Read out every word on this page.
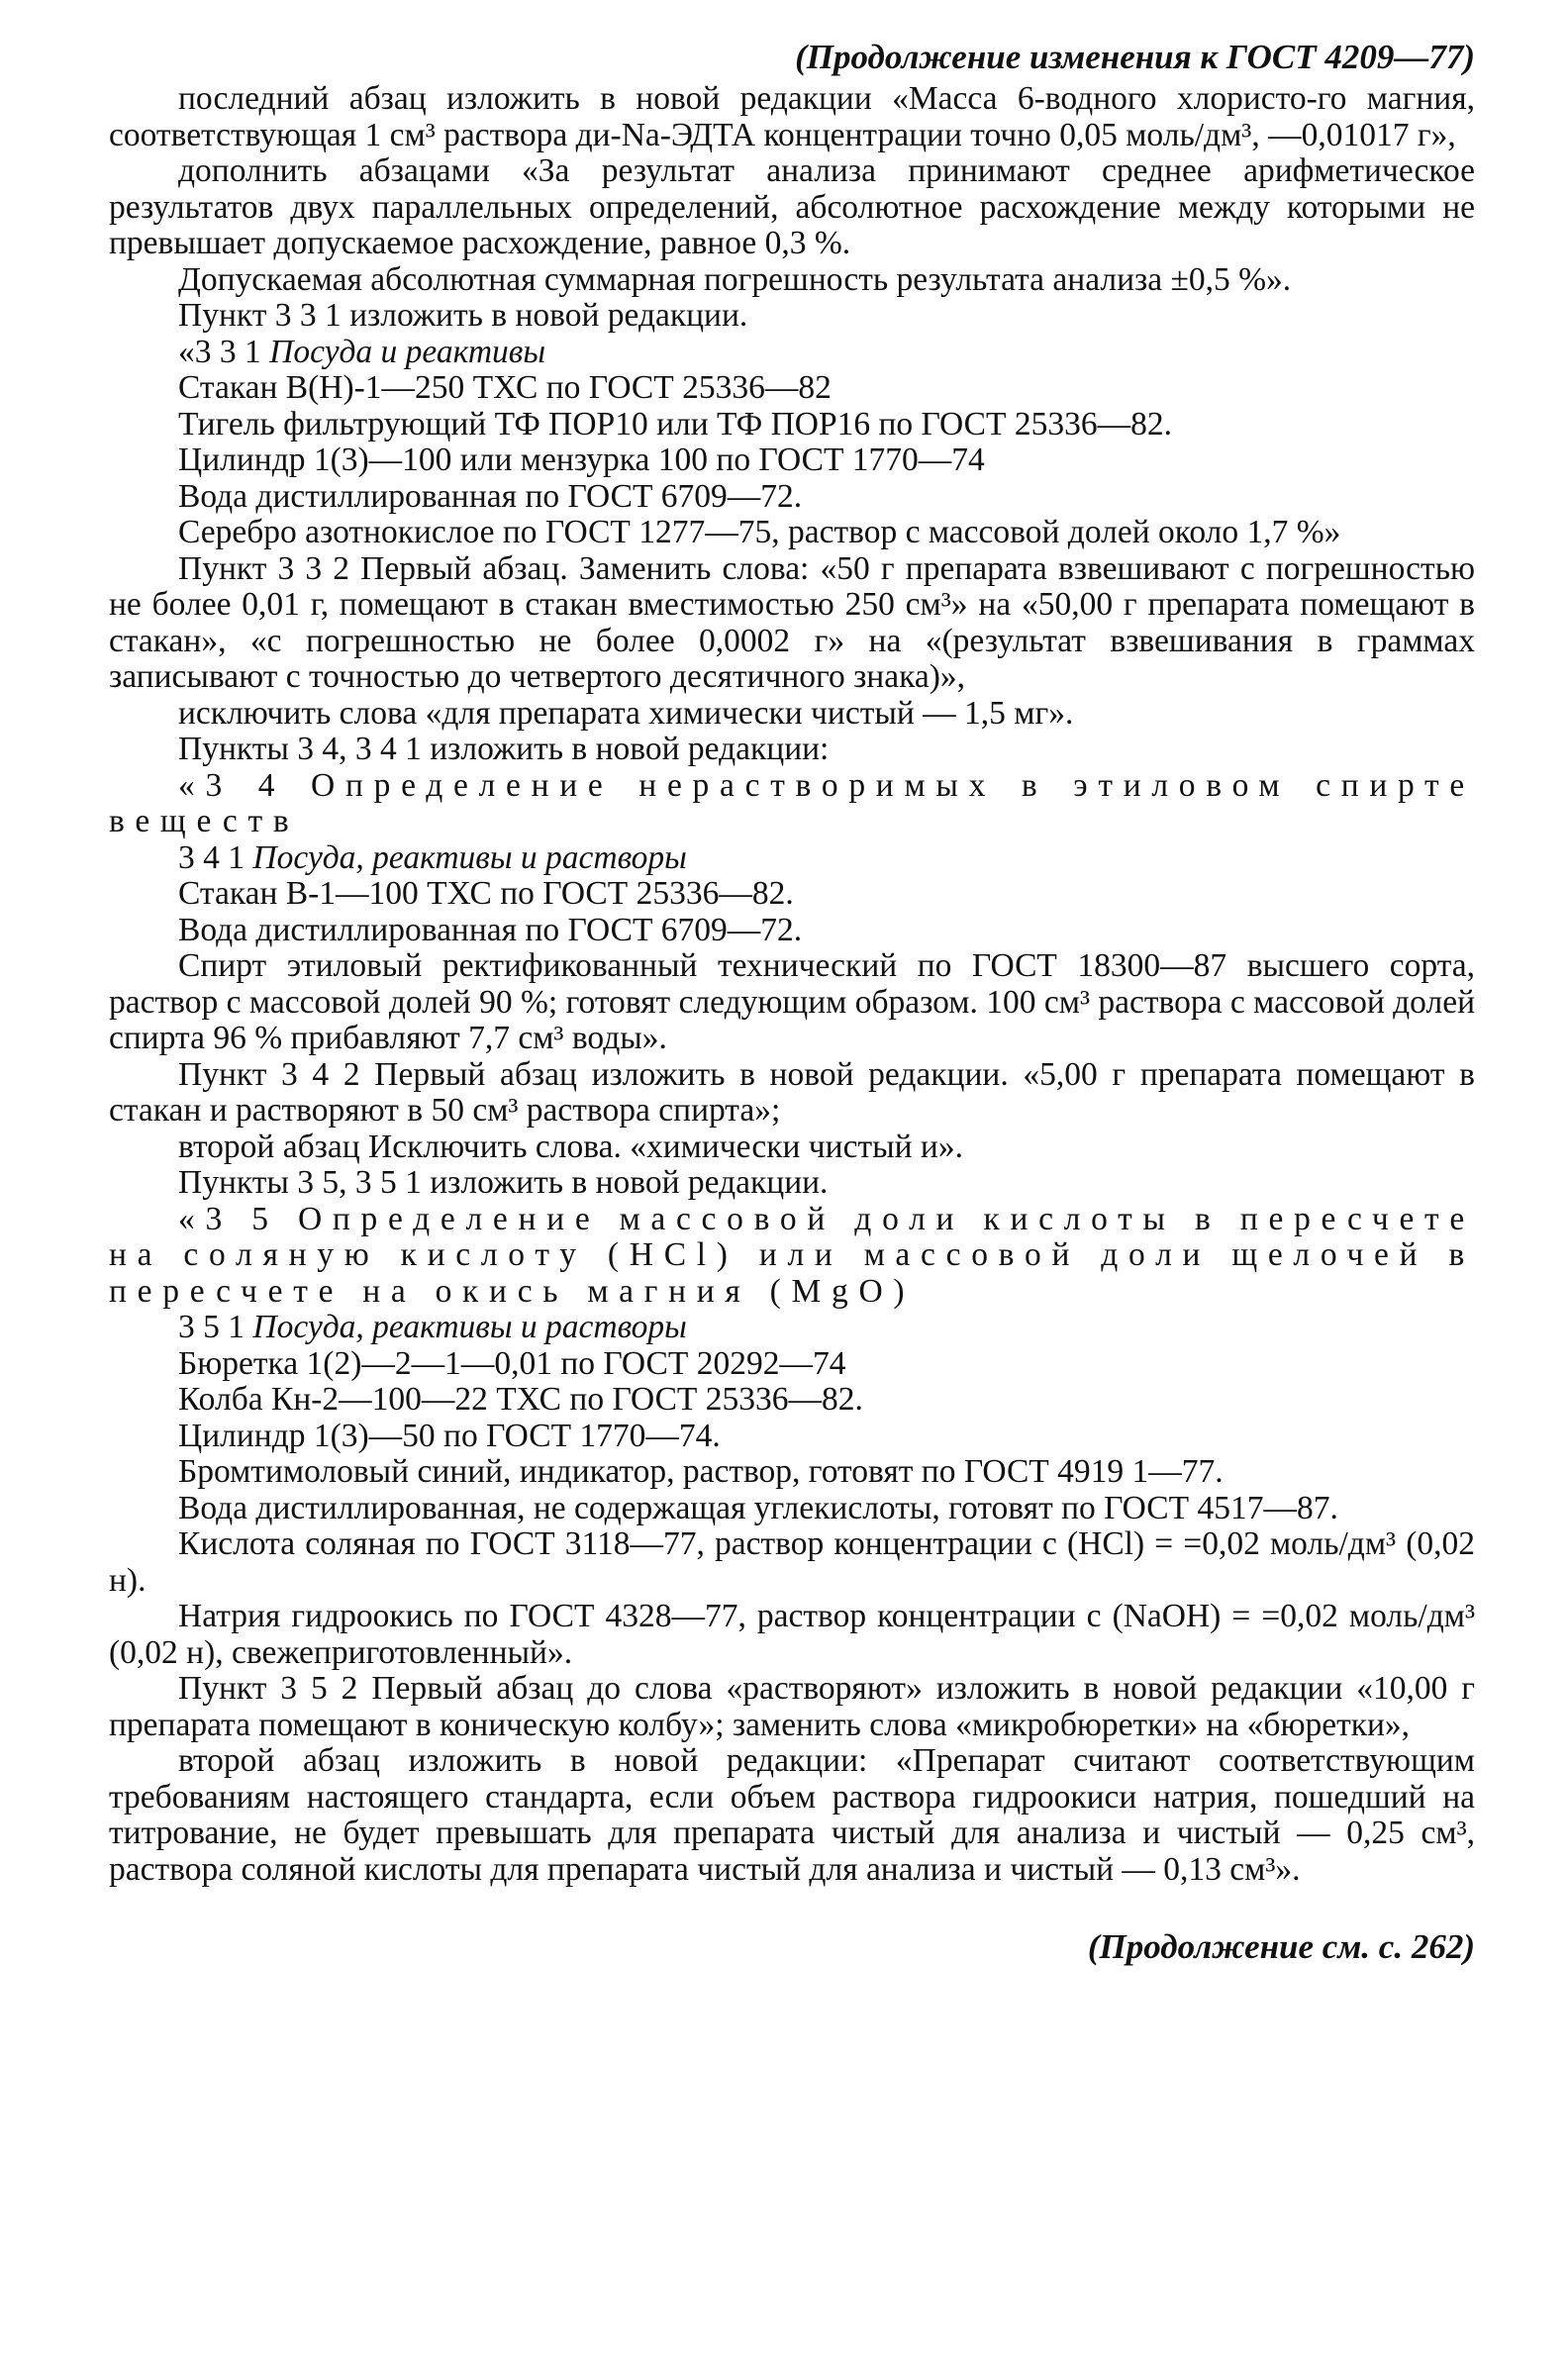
(Продолжение изменения к ГОСТ 4209—77)

последний абзац изложить в новой редакции «Масса 6-водного хлористо-го магния, соответствующая 1 см³ раствора ди-Na-ЭДТА концентрации точно 0,05 моль/дм³, —0,01017 г»,

дополнить абзацами «За результат анализа принимают среднее арифметическое результатов двух параллельных определений, абсолютное расхождение между которыми не превышает допускаемое расхождение, равное 0,3 %.

Допускаемая абсолютная суммарная погрешность результата анализа ±0,5 %».

Пункт 3 3 1 изложить в новой редакции.

«3 3 1 Посуда и реактивы

Стакан В(Н)-1—250 ТХС по ГОСТ 25336—82

Тигель фильтрующий ТФ ПОР10 или ТФ ПОР16 по ГОСТ 25336—82.

Цилиндр 1(3)—100 или мензурка 100 по ГОСТ 1770—74

Вода дистиллированная по ГОСТ 6709—72.

Серебро азотнокислое по ГОСТ 1277—75, раствор с массовой долей около 1,7 %»

Пункт 3 3 2 Первый абзац. Заменить слова: «50 г препарата взвешивают с погрешностью не более 0,01 г, помещают в стакан вместимостью 250 см³» на «50,00 г препарата помещают в стакан», «с погрешностью не более 0,0002 г» на «(результат взвешивания в граммах записывают с точностью до четвертого десятичного знака)»,

исключить слова «для препарата химически чистый — 1,5 мг».

Пункты 3 4, 3 4 1 изложить в новой редакции:

«3 4 Определение нерастворимых в этиловом спирте веществ

3 4 1 Посуда, реактивы и растворы

Стакан В-1—100 ТХС по ГОСТ 25336—82.

Вода дистиллированная по ГОСТ 6709—72.

Спирт этиловый ректификованный технический по ГОСТ 18300—87 высшего сорта, раствор с массовой долей 90 %; готовят следующим образом. 100 см³ раствора с массовой долей спирта 96 % прибавляют 7,7 см³ воды».

Пункт 3 4 2 Первый абзац изложить в новой редакции. «5,00 г препарата помещают в стакан и растворяют в 50 см³ раствора спирта»;

второй абзац Исключить слова. «химически чистый и».

Пункты 3 5, 3 5 1 изложить в новой редакции.

«3 5 Определение массовой доли кислоты в пересчете на соляную кислоту (HCl) или массовой доли щелочей в пересчете на окись магния (MgO)

3 5 1 Посуда, реактивы и растворы

Бюретка 1(2)—2—1—0,01 по ГОСТ 20292—74

Колба Кн-2—100—22 ТХС по ГОСТ 25336—82.

Цилиндр 1(3)—50 по ГОСТ 1770—74.

Бромтимоловый синий, индикатор, раствор, готовят по ГОСТ 4919 1—77.

Вода дистиллированная, не содержащая углекислоты, готовят по ГОСТ 4517—87.

Кислота соляная по ГОСТ 3118—77, раствор концентрации с (HCl) = =0,02 моль/дм³ (0,02 н).

Натрия гидроокись по ГОСТ 4328—77, раствор концентрации с (NaOH) = =0,02 моль/дм³ (0,02 н), свежеприготовленный».

Пункт 3 5 2 Первый абзац до слова «растворяют» изложить в новой редакции «10,00 г препарата помещают в коническую колбу»; заменить слова «микробюретки» на «бюретки»,

второй абзац изложить в новой редакции: «Препарат считают соответствующим требованиям настоящего стандарта, если объем раствора гидроокиси натрия, пошедший на титрование, не будет превышать для препарата чистый для анализа и чистый — 0,25 см³, раствора соляной кислоты для препарата чистый для анализа и чистый — 0,13 см³».

(Продолжение см. с. 262)
